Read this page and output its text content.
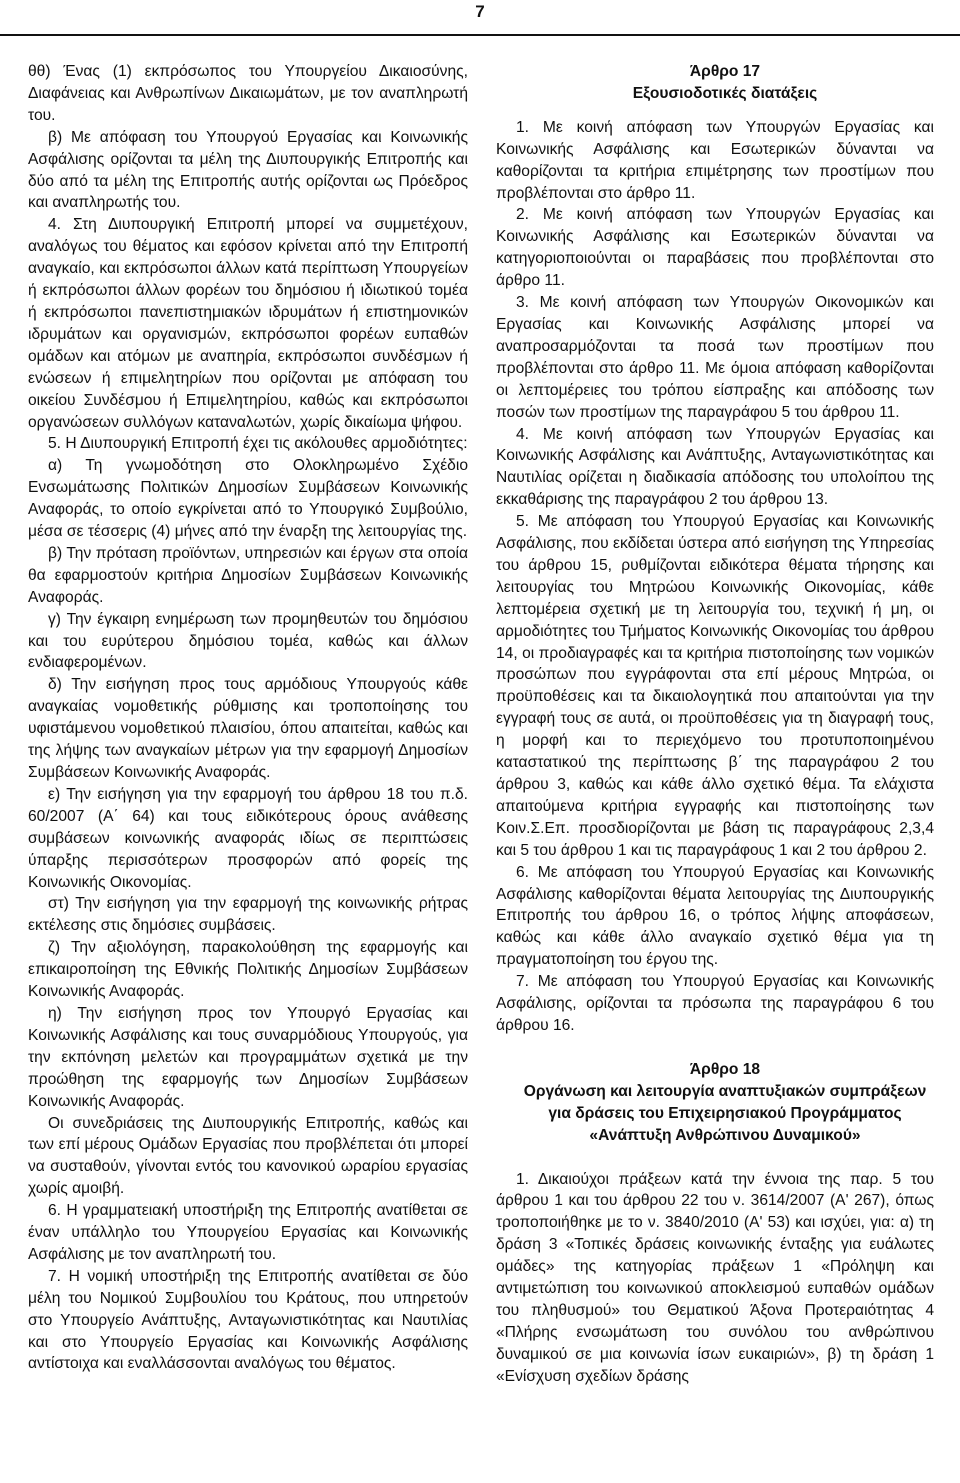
7

θθ) Ένας (1) εκπρόσωπος του Υπουργείου Δικαιοσύνης, Διαφάνειας και Ανθρωπίνων Δικαιωμάτων, με τον αναπληρωτή του.

β) Με απόφαση του Υπουργού Εργασίας και Κοινωνικής Ασφάλισης ορίζονται τα μέλη της Διυπουργικής Επιτροπής και δύο από τα μέλη της Επιτροπής αυτής ορίζονται ως Πρόεδρος και αναπληρωτής του.

4. Στη Διυπουργική Επιτροπή μπορεί να συμμετέχουν, αναλόγως του θέματος και εφόσον κρίνεται από την Επιτροπή αναγκαίο, και εκπρόσωποι άλλων κατά περίπτωση Υπουργείων ή εκπρόσωποι άλλων φορέων του δημόσιου ή ιδιωτικού τομέα ή εκπρόσωποι πανεπιστημιακών ιδρυμάτων ή επιστημονικών ιδρυμάτων και οργανισμών, εκπρόσωποι φορέων ευπαθών ομάδων και ατόμων με αναπηρία, εκπρόσωποι συνδέσμων ή ενώσεων ή επιμελητηρίων που ορίζονται με απόφαση του οικείου Συνδέσμου ή Επιμελητηρίου, καθώς και εκπρόσωποι οργανώσεων συλλόγων καταναλωτών, χωρίς δικαίωμα ψήφου.

5. Η Διυπουργική Επιτροπή έχει τις ακόλουθες αρμοδιότητες:

α) Τη γνωμοδότηση στο Ολοκληρωμένο Σχέδιο Ενσωμάτωσης Πολιτικών Δημοσίων Συμβάσεων Κοινωνικής Αναφοράς, το οποίο εγκρίνεται από το Υπουργικό Συμβούλιο, μέσα σε τέσσερις (4) μήνες από την έναρξη της λειτουργίας της.

β) Την πρόταση προϊόντων, υπηρεσιών και έργων στα οποία θα εφαρμοστούν κριτήρια Δημοσίων Συμβάσεων Κοινωνικής Αναφοράς.

γ) Την έγκαιρη ενημέρωση των προμηθευτών του δημόσιου και του ευρύτερου δημόσιου τομέα, καθώς και άλλων ενδιαφερομένων.

δ) Την εισήγηση προς τους αρμόδιους Υπουργούς κάθε αναγκαίας νομοθετικής ρύθμισης και τροποποίησης του υφιστάμενου νομοθετικού πλαισίου, όπου απαιτείται, καθώς και της λήψης των αναγκαίων μέτρων για την εφαρμογή Δημοσίων Συμβάσεων Κοινωνικής Αναφοράς.

ε) Την εισήγηση για την εφαρμογή του άρθρου 18 του π.δ. 60/2007 (Α΄ 64) και τους ειδικότερους όρους ανάθεσης συμβάσεων κοινωνικής αναφοράς ιδίως σε περιπτώσεις ύπαρξης περισσότερων προσφορών από φορείς της Κοινωνικής Οικονομίας.

στ) Την εισήγηση για την εφαρμογή της κοινωνικής ρήτρας εκτέλεσης στις δημόσιες συμβάσεις.

ζ) Την αξιολόγηση, παρακολούθηση της εφαρμογής και επικαιροποίηση της Εθνικής Πολιτικής Δημοσίων Συμβάσεων Κοινωνικής Αναφοράς.

η) Την εισήγηση προς τον Υπουργό Εργασίας και Κοινωνικής Ασφάλισης και τους συναρμόδιους Υπουργούς, για την εκπόνηση μελετών και προγραμμάτων σχετικά με την προώθηση της εφαρμογής των Δημοσίων Συμβάσεων Κοινωνικής Αναφοράς.

Οι συνεδριάσεις της Διυπουργικής Επιτροπής, καθώς και των επί μέρους Ομάδων Εργασίας που προβλέπεται ότι μπορεί να συσταθούν, γίνονται εντός του κανονικού ωραρίου εργασίας χωρίς αμοιβή.

6. Η γραμματειακή υποστήριξη της Επιτροπής ανατίθεται σε έναν υπάλληλο του Υπουργείου Εργασίας και Κοινωνικής Ασφάλισης με τον αναπληρωτή του.

7. Η νομική υποστήριξη της Επιτροπής ανατίθεται σε δύο μέλη του Νομικού Συμβουλίου του Κράτους, που υπηρετούν στο Υπουργείο Ανάπτυξης, Ανταγωνιστικότητας και Ναυτιλίας και στο Υπουργείο Εργασίας και Κοινωνικής Ασφάλισης αντίστοιχα και εναλλάσσονται αναλόγως του θέματος.

Άρθρο 17

Εξουσιοδοτικές διατάξεις

1. Με κοινή απόφαση των Υπουργών Εργασίας και Κοινωνικής Ασφάλισης και Εσωτερικών δύνανται να καθορίζονται τα κριτήρια επιμέτρησης των προστίμων που προβλέπονται στο άρθρο 11.

2. Με κοινή απόφαση των Υπουργών Εργασίας και Κοινωνικής Ασφάλισης και Εσωτερικών δύνανται να κατηγοριοποιούνται οι παραβάσεις που προβλέπονται στο άρθρο 11.

3. Με κοινή απόφαση των Υπουργών Οικονομικών και Εργασίας και Κοινωνικής Ασφάλισης μπορεί να αναπροσαρμόζονται τα ποσά των προστίμων που προβλέπονται στο άρθρο 11. Με όμοια απόφαση καθορίζονται οι λεπτομέρειες του τρόπου είσπραξης και απόδοσης των ποσών των προστίμων της παραγράφου 5 του άρθρου 11.

4. Με κοινή απόφαση των Υπουργών Εργασίας και Κοινωνικής Ασφάλισης και Ανάπτυξης, Ανταγωνιστικότητας και Ναυτιλίας ορίζεται η διαδικασία απόδοσης του υπολοίπου της εκκαθάρισης της παραγράφου 2 του άρθρου 13.

5. Με απόφαση του Υπουργού Εργασίας και Κοινωνικής Ασφάλισης, που εκδίδεται ύστερα από εισήγηση της Υπηρεσίας του άρθρου 15, ρυθμίζονται ειδικότερα θέματα τήρησης και λειτουργίας του Μητρώου Κοινωνικής Οικονομίας, κάθε λεπτομέρεια σχετική με τη λειτουργία του, τεχνική ή μη, οι αρμοδιότητες του Τμήματος Κοινωνικής Οικονομίας του άρθρου 14, οι προδιαγραφές και τα κριτήρια πιστοποίησης των νομικών προσώπων που εγγράφονται στα επί μέρους Μητρώα, οι προϋποθέσεις και τα δικαιολογητικά που απαιτούνται για την εγγραφή τους σε αυτά, οι προϋποθέσεις για τη διαγραφή τους, η μορφή και το περιεχόμενο του προτυποποιημένου καταστατικού της περίπτωσης β΄ της παραγράφου 2 του άρθρου 3, καθώς και κάθε άλλο σχετικό θέμα. Τα ελάχιστα απαιτούμενα κριτήρια εγγραφής και πιστοποίησης των Κοιν.Σ.Επ. προσδιορίζονται με βάση τις παραγράφους 2,3,4 και 5 του άρθρου 1 και τις παραγράφους 1 και 2 του άρθρου 2.

6. Με απόφαση του Υπουργού Εργασίας και Κοινωνικής Ασφάλισης καθορίζονται θέματα λειτουργίας της Διυπουργικής Επιτροπής του άρθρου 16, ο τρόπος λήψης αποφάσεων, καθώς και κάθε άλλο αναγκαίο σχετικό θέμα για τη πραγματοποίηση του έργου της.

7. Με απόφαση του Υπουργού Εργασίας και Κοινωνικής Ασφάλισης, ορίζονται τα πρόσωπα της παραγράφου 6 του άρθρου 16.

Άρθρο 18

Οργάνωση και λειτουργία αναπτυξιακών συμπράξεων

για δράσεις του Επιχειρησιακού Προγράμματος

«Ανάπτυξη Ανθρώπινου Δυναμικού»

1. Δικαιούχοι πράξεων κατά την έννοια της παρ. 5 του άρθρου 1 και του άρθρου 22 του ν. 3614/2007 (Α' 267), όπως τροποποιήθηκε με το ν. 3840/2010 (Α' 53) και ισχύει, για: α) τη δράση 3 «Τοπικές δράσεις κοινωνικής ένταξης για ευάλωτες ομάδες» της κατηγορίας πράξεων 1 «Πρόληψη και αντιμετώπιση του κοινωνικού αποκλεισμού ευπαθών ομάδων του πληθυσμού» του Θεματικού Άξονα Προτεραιότητας 4 «Πλήρης ενσωμάτωση του συνόλου του ανθρώπινου δυναμικού σε μια κοινωνία ίσων ευκαιριών», β) τη δράση 1 «Ενίσχυση σχεδίων δράσης
